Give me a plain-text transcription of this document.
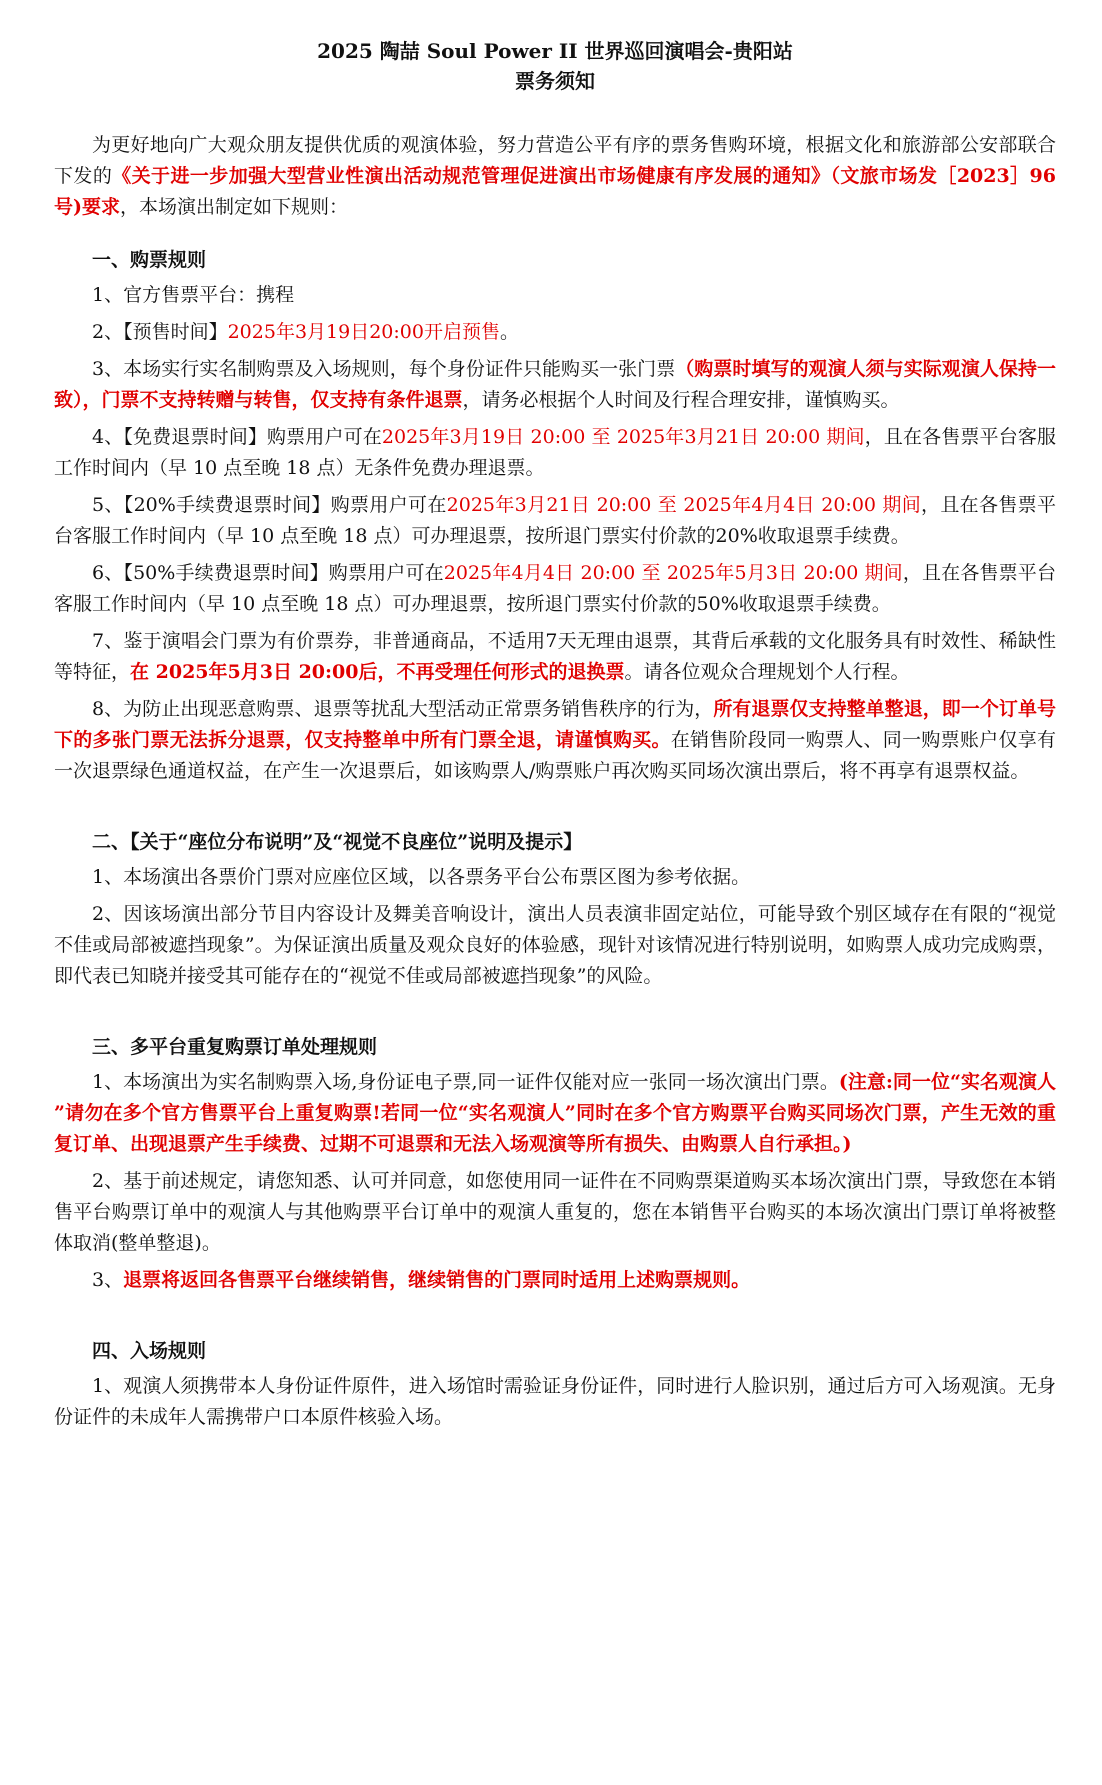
2025 陶喆 Soul Power II 世界巡回演唱会-贵阳站

票务须知

为更好地向广大观众朋友提供优质的观演体验，努力营造公平有序的票务售购环境，根据文化和旅游部公安部联合下发的《关于进一步加强大型营业性演出活动规范管理促进演出市场健康有序发展的通知》（文旅市场发［2023］96 号)要求，本场演出制定如下规则：

一、购票规则

1、官方售票平台：携程

2、【预售时间】2025年3月19日20:00开启预售。

3、本场实行实名制购票及入场规则，每个身份证件只能购买一张门票（购票时填写的观演人须与实际观演人保持一致），门票不支持转赠与转售，仅支持有条件退票，请务必根据个人时间及行程合理安排，谨慎购买。

4、【免费退票时间】购票用户可在2025年3月19日 20:00 至 2025年3月21日 20:00 期间，且在各售票平台客服工作时间内（早 10 点至晚 18 点）无条件免费办理退票。

5、【20%手续费退票时间】购票用户可在2025年3月21日 20:00 至 2025年4月4日 20:00 期间，且在各售票平台客服工作时间内（早 10 点至晚 18 点）可办理退票，按所退门票实付价款的20%收取退票手续费。

6、【50%手续费退票时间】购票用户可在2025年4月4日 20:00 至 2025年5月3日 20:00 期间，且在各售票平台客服工作时间内（早 10 点至晚 18 点）可办理退票，按所退门票实付价款的50%收取退票手续费。

7、鉴于演唱会门票为有价票券，非普通商品，不适用7天无理由退票，其背后承载的文化服务具有时效性、稀缺性等特征，在 2025年5月3日 20:00后，不再受理任何形式的退换票。请各位观众合理规划个人行程。

8、为防止出现恶意购票、退票等扰乱大型活动正常票务销售秩序的行为，所有退票仅支持整单整退，即一个订单号下的多张门票无法拆分退票，仅支持整单中所有门票全退，请谨慎购买。在销售阶段同一购票人、同一购票账户仅享有一次退票绿色通道权益，在产生一次退票后，如该购票人/购票账户再次购买同场次演出票后，将不再享有退票权益。

二、【关于“座位分布说明”及“视觉不良座位”说明及提示】

1、本场演出各票价门票对应座位区域，以各票务平台公布票区图为参考依据。

2、因该场演出部分节目内容设计及舞美音响设计，演出人员表演非固定站位，可能导致个别区域存在有限的“视觉不佳或局部被遮挡现象”。为保证演出质量及观众良好的体验感，现针对该情况进行特别说明，如购票人成功完成购票，即代表已知晓并接受其可能存在的“视觉不佳或局部被遮挡现象”的风险。

三、多平台重复购票订单处理规则

1、本场演出为实名制购票入场,身份证电子票,同一证件仅能对应一张同一场次演出门票。(注意:同一位“实名观演人 ”请勿在多个官方售票平台上重复购票!若同一位“实名观演人”同时在多个官方购票平台购买同场次门票，产生无效的重复订单、出现退票产生手续费、过期不可退票和无法入场观演等所有损失、由购票人自行承担。)

2、基于前述规定，请您知悉、认可并同意，如您使用同一证件在不同购票渠道购买本场次演出门票，导致您在本销售平台购票订单中的观演人与其他购票平台订单中的观演人重复的，您在本销售平台购买的本场次演出门票订单将被整体取消(整单整退)。

3、退票将返回各售票平台继续销售，继续销售的门票同时适用上述购票规则。

四、入场规则

1、观演人须携带本人身份证件原件，进入场馆时需验证身份证件，同时进行人脸识别，通过后方可入场观演。无身份证件的未成年人需携带户口本原件核验入场。
